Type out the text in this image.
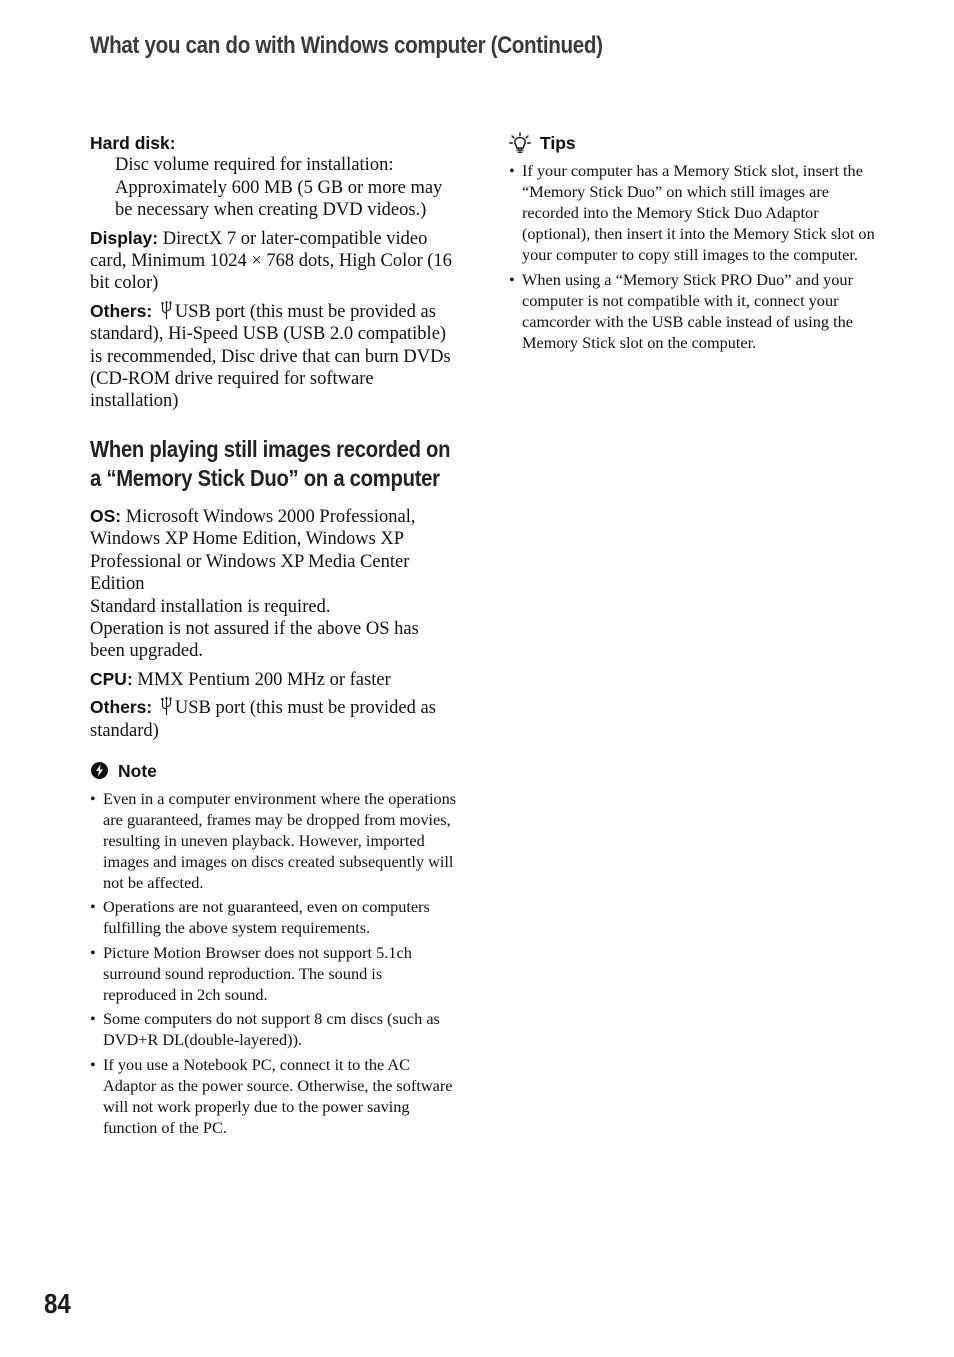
What you can do with Windows computer (Continued)
Hard disk:
Disc volume required for installation: Approximately 600 MB (5 GB or more may be necessary when creating DVD videos.)
Display: DirectX 7 or later-compatible video card, Minimum 1024 × 768 dots, High Color (16 bit color)
Others: USB port (this must be provided as standard), Hi-Speed USB (USB 2.0 compatible) is recommended, Disc drive that can burn DVDs (CD-ROM drive required for software installation)
When playing still images recorded on a “Memory Stick Duo” on a computer
OS: Microsoft Windows 2000 Professional, Windows XP Home Edition, Windows XP Professional or Windows XP Media Center Edition
Standard installation is required.
Operation is not assured if the above OS has been upgraded.
CPU: MMX Pentium 200 MHz or faster
Others: USB port (this must be provided as standard)
Note
• Even in a computer environment where the operations are guaranteed, frames may be dropped from movies, resulting in uneven playback. However, imported images and images on discs created subsequently will not be affected.
• Operations are not guaranteed, even on computers fulfilling the above system requirements.
• Picture Motion Browser does not support 5.1ch surround sound reproduction. The sound is reproduced in 2ch sound.
• Some computers do not support 8 cm discs (such as DVD+R DL(double-layered)).
• If you use a Notebook PC, connect it to the AC Adaptor as the power source. Otherwise, the software will not work properly due to the power saving function of the PC.
Tips
• If your computer has a Memory Stick slot, insert the “Memory Stick Duo” on which still images are recorded into the Memory Stick Duo Adaptor (optional), then insert it into the Memory Stick slot on your computer to copy still images to the computer.
• When using a “Memory Stick PRO Duo” and your computer is not compatible with it, connect your camcorder with the USB cable instead of using the Memory Stick slot on the computer.
84
